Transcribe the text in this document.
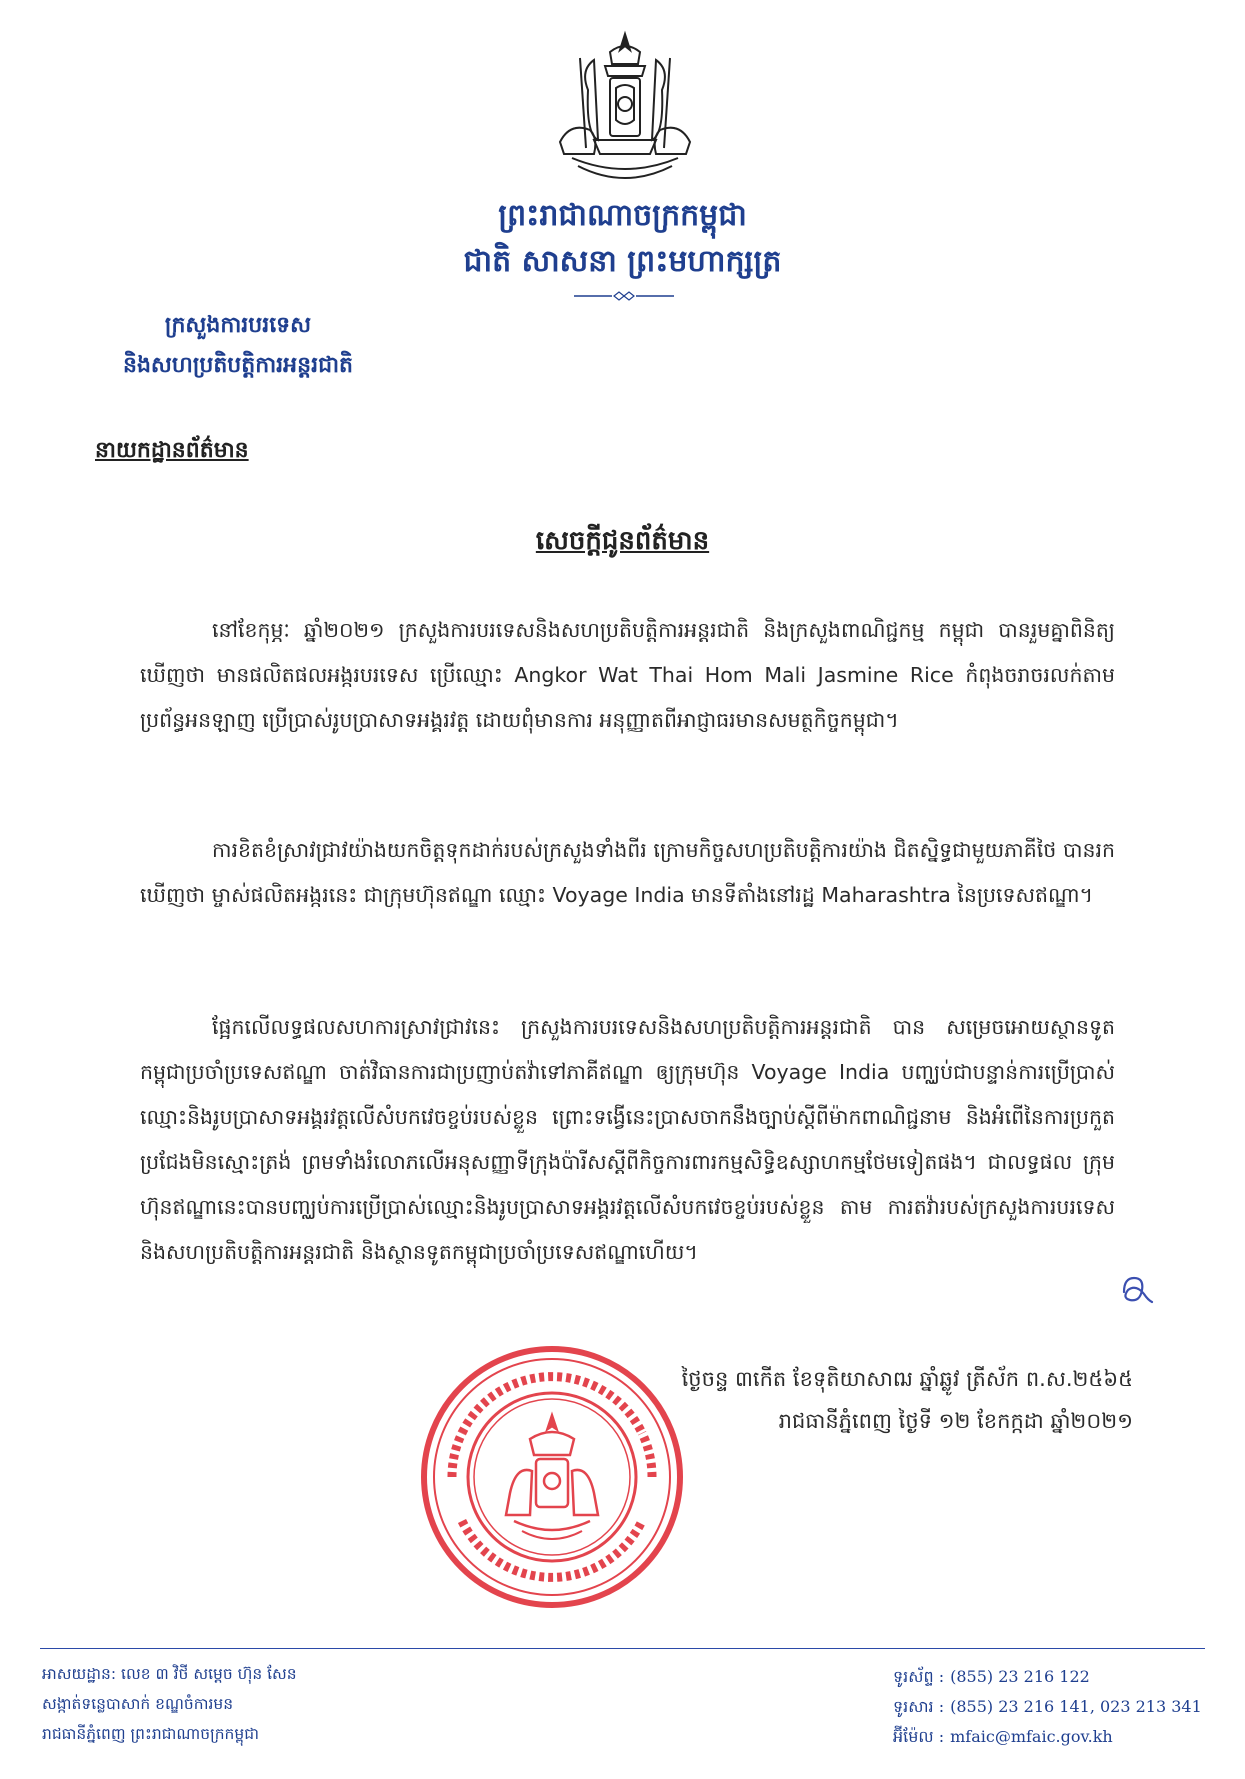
ព្រះរាជាណាចក្រកម្ពុជា
ជាតិ សាសនា ព្រះមហាក្សត្រ
ក្រសួងការបរទេស
និងសហប្រតិបត្តិការអន្តរជាតិ
នាយកដ្ឋានព័ត៌មាន
សេចក្តីជូនព័ត៌មាន

នៅខែកុម្ភៈ ឆ្នាំ២០២១ ក្រសួងការបរទេសនិងសហប្រតិបត្តិការអន្តរជាតិ និងក្រសួងពាណិជ្ជកម្ម កម្ពុជា បានរួមគ្នាពិនិត្យឃើញថា មានផលិតផលអង្ករបរទេស ប្រើឈ្មោះ Angkor Wat Thai Hom Mali Jasmine Rice កំពុងចរាចរលក់តាមប្រព័ន្ធអនឡាញ ប្រើប្រាស់រូបប្រាសាទអង្គរវត្ត ដោយពុំមានការ អនុញ្ញាតពីអាជ្ញាធរមានសមត្ថកិច្ចកម្ពុជា។

ការខិតខំស្រាវជ្រាវយ៉ាងយកចិត្តទុកដាក់របស់ក្រសួងទាំងពីរ ក្រោមកិច្ចសហប្រតិបត្តិការយ៉ាង ជិតស្និទ្ធជាមួយភាគីថៃ បានរកឃើញថា ម្ចាស់ផលិតអង្ករនេះ ជាក្រុមហ៊ុនឥណ្ឌា ឈ្មោះ Voyage India មានទីតាំងនៅរដ្ឋ Maharashtra នៃប្រទេសឥណ្ឌា។

ផ្អែកលើលទ្ធផលសហការស្រាវជ្រាវនេះ ក្រសួងការបរទេសនិងសហប្រតិបត្តិការអន្តរជាតិ បាន សម្រេចអោយស្ថានទូតកម្ពុជាប្រចាំប្រទេសឥណ្ឌា ចាត់វិធានការជាប្រញាប់តវ៉ាទៅភាគីឥណ្ឌា ឲ្យក្រុមហ៊ុន Voyage India បញ្ឈប់ជាបន្ទាន់ការប្រើប្រាស់ឈ្មោះនិងរូបប្រាសាទអង្គរវត្តលើសំបកវេចខ្ចប់របស់ខ្លួន ព្រោះទង្វើនេះប្រាសចាកនឹងច្បាប់ស្តីពីម៉ាកពាណិជ្ជនាម និងអំពើនៃការប្រកួតប្រជែងមិនស្មោះត្រង់ ព្រមទាំងរំលោភលើអនុសញ្ញាទីក្រុងប៉ារីសស្តីពីកិច្ចការពារកម្មសិទ្ធិឧស្សាហកម្មថែមទៀតផង។ ជាលទ្ធផល ក្រុមហ៊ុនឥណ្ឌានេះបានបញ្ឈប់ការប្រើប្រាស់ឈ្មោះនិងរូបប្រាសាទអង្គរវត្តលើសំបកវេចខ្ចប់របស់ខ្លួន តាម ការតវ៉ារបស់ក្រសួងការបរទេសនិងសហប្រតិបត្តិការអន្តរជាតិ និងស្ថានទូតកម្ពុជាប្រចាំប្រទេសឥណ្ឌាហើយ។

ថ្ងៃចន្ទ ៣កើត ខែទុតិយាសាឍ ឆ្នាំឆ្លូវ ត្រីស័ក ព.ស.២៥៦៥
រាជធានីភ្នំពេញ ថ្ងៃទី ១២ ខែកក្កដា ឆ្នាំ២០២១
អាសយដ្ឋាន: លេខ ៣ វិថី សម្តេច ហ៊ុន សែន
សង្កាត់ទន្លេបាសាក់ ខណ្ឌចំការមន
រាជធានីភ្នំពេញ ព្រះរាជាណាចក្រកម្ពុជា
ទូរស័ព្ទ : (855) 23 216 122
ទូរសារ : (855) 23 216 141, 023 213 341
អ៊ីម៉ែល : mfaic@mfaic.gov.kh
